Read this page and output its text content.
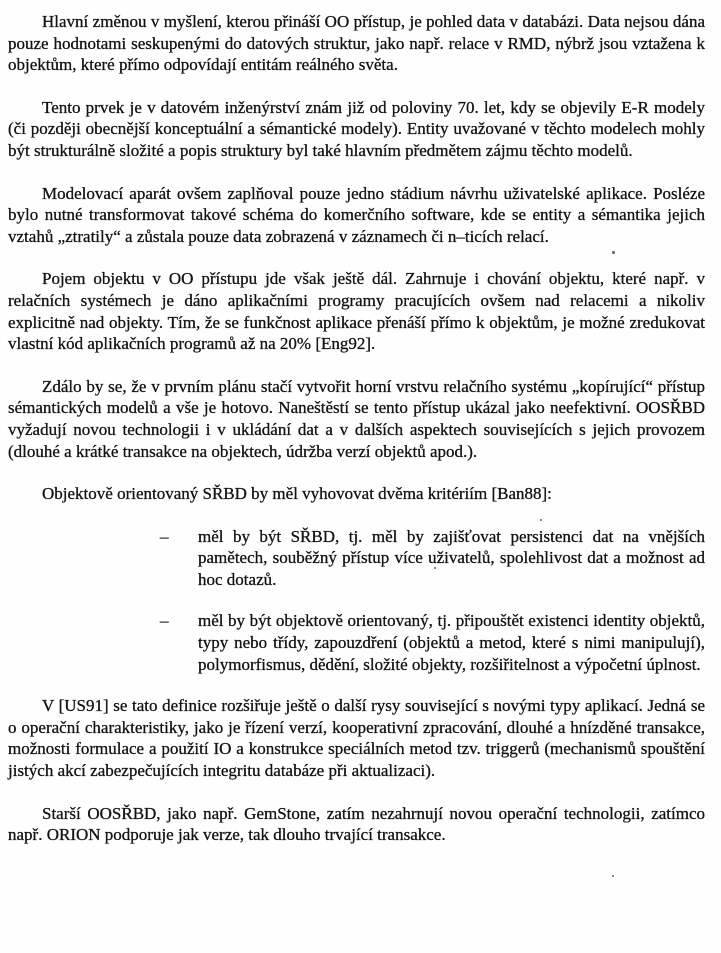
Hlavní změnou v myšlení, kterou přináší OO přístup, je pohled data v databázi. Data nejsou dána pouze hodnotami seskupenými do datových struktur, jako např. relace v RMD, nýbrž jsou vztažena k objektům, které přímo odpovídají entitám reálného světa.

Tento prvek je v datovém inženýrství znám již od poloviny 70. let, kdy se objevily E-R modely (či později obecnější konceptuální a sémantické modely). Entity uvažované v těchto modelech mohly být strukturálně složité a popis struktury byl také hlavním předmětem zájmu těchto modelů.

Modelovací aparát ovšem zaplňoval pouze jedno stádium návrhu uživatelské aplikace. Posléze bylo nutné transformovat takové schéma do komerčního software, kde se entity a sémantika jejich vztahů „ztratily“ a zůstala pouze data zobrazená v záznamech či n–ticích relací.

Pojem objektu v OO přístupu jde však ještě dál. Zahrnuje i chování objektu, které např. v relačních systémech je dáno aplikačními programy pracujících ovšem nad relacemi a nikoliv explicitně nad objekty. Tím, že se funkčnost aplikace přenáší přímo k objektům, je možné zredukovat vlastní kód aplikačních programů až na 20% [Eng92].

Zdálo by se, že v prvním plánu stačí vytvořit horní vrstvu relačního systému „kopírující“ přístup sémantických modelů a vše je hotovo. Naneštěstí se tento přístup ukázal jako neefektivní. OOSŘBD vyžadují novou technologii i v ukládání dat a v dalších aspektech souvisejících s jejich provozem (dlouhé a krátké transakce na objektech, údržba verzí objektů apod.).

Objektově orientovaný SŘBD by měl vyhovovat dvěma kritériím [Ban88]:

–	měl by být SŘBD, tj. měl by zajišťovat persistenci dat na vnějších pamětech, souběžný přístup více uživatelů, spolehlivost dat a možnost ad hoc dotazů.
–	měl by být objektově orientovaný, tj. připouštět existenci identity objektů, typy nebo třídy, zapouzdření (objektů a metod, které s nimi manipulují), polymorfismus, dědění, složité objekty, rozšiřitelnost a výpočetní úplnost.

V [US91] se tato definice rozšiřuje ještě o další rysy související s novými typy aplikací. Jedná se o operační charakteristiky, jako je řízení verzí, kooperativní zpracování, dlouhé a hnízděné transakce, možnosti formulace a použití IO a konstrukce speciálních metod tzv. triggerů (mechanismů spouštění jistých akcí zabezpečujících integritu databáze při aktualizaci).

Starší OOSŘBD, jako např. GemStone, zatím nezahrnují novou operační technologii, zatímco např. ORION podporuje jak verze, tak dlouho trvající transakce.
